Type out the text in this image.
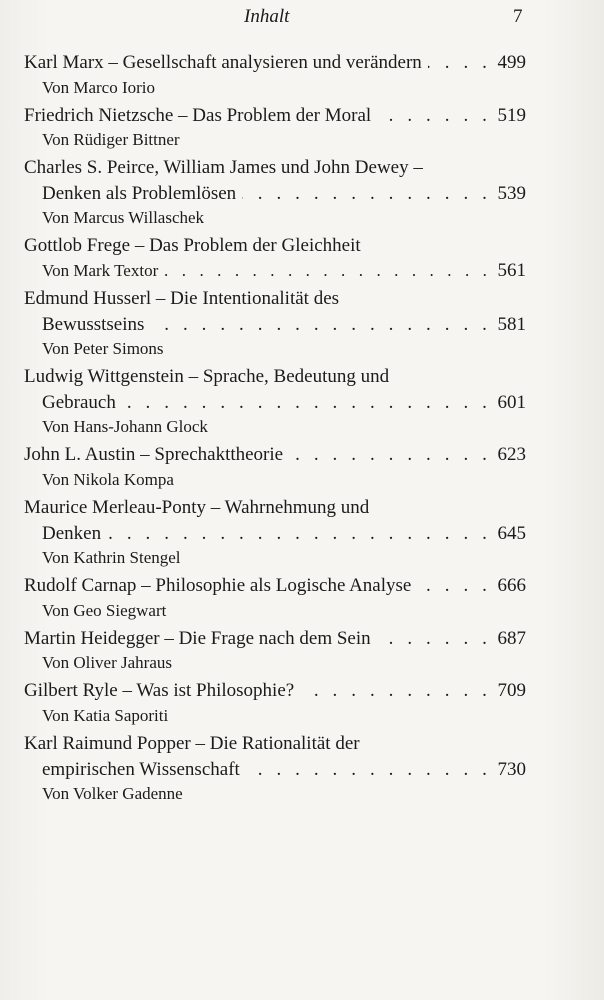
Inhalt	7
Karl Marx – Gesellschaft analysieren und verändern . . .	499
Von Marco Iorio
Friedrich Nietzsche – Das Problem der Moral . . .	519
Von Rüdiger Bittner
Charles S. Peirce, William James und John Dewey –
Denken als Problemlösen . . .	539
Von Marcus Willaschek
Gottlob Frege – Das Problem der Gleichheit
Von Mark Textor . . .	561
Edmund Husserl – Die Intentionalität des
Bewusstseins . . .	581
Von Peter Simons
Ludwig Wittgenstein – Sprache, Bedeutung und
Gebrauch . . .	601
Von Hans-Johann Glock
John L. Austin – Sprechakttheorie . . .	623
Von Nikola Kompa
Maurice Merleau-Ponty – Wahrnehmung und
Denken . . .	645
Von Kathrin Stengel
Rudolf Carnap – Philosophie als Logische Analyse . . .	666
Von Geo Siegwart
Martin Heidegger – Die Frage nach dem Sein . . .	687
Von Oliver Jahraus
Gilbert Ryle – Was ist Philosophie? . . .	709
Von Katia Saporiti
Karl Raimund Popper – Die Rationalität der
empirischen Wissenschaft . . .	730
Von Volker Gadenne
